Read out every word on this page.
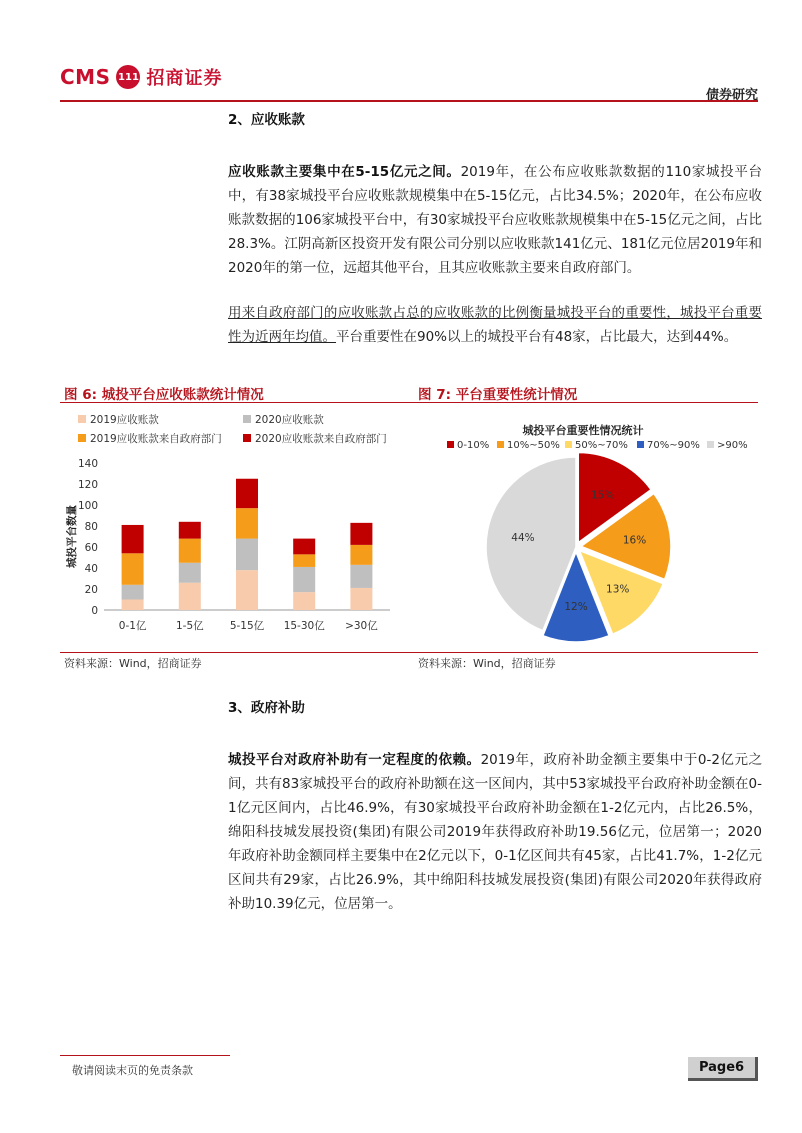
CMS 111 招商证券
债券研究
2、应收账款
应收账款主要集中在5-15亿元之间。2019年，在公布应收账款数据的110家城投平台中，有38家城投平台应收账款规模集中在5-15亿元，占比34.5%；2020年，在公布应收账款数据的106家城投平台中，有30家城投平台应收账款规模集中在5-15亿元之间，占比28.3%。江阴高新区投资开发有限公司分别以应收账款141亿元、181亿元位居2019年和2020年的第一位，远超其他平台，且其应收账款主要来自政府部门。
用来自政府部门的应收账款占总的应收账款的比例衡量城投平台的重要性，城投平台重要性为近两年均值。平台重要性在90%以上的城投平台有48家，占比最大，达到44%。
图 6: 城投平台应收账款统计情况	图 7: 平台重要性统计情况
2019应收账款	2020应收账款
2019应收账款来自政府部门	2020应收账款来自政府部门
0
20
40
60
80
100
120
140
城投平台数量
0-1亿	1-5亿 5-15亿 15-30亿 >30亿
城投平台重要性情况统计
0-10% 10%~50% 50%~70% 70%~90% >90%
15%
16%
13%
12%
44%
资料来源：Wind，招商证券	资料来源：Wind，招商证券
3、政府补助
城投平台对政府补助有一定程度的依赖。2019年，政府补助金额主要集中于0-2亿元之间，共有83家城投平台的政府补助额在这一区间内，其中53家城投平台政府补助金额在0-1亿元区间内，占比46.9%，有30家城投平台政府补助金额在1-2亿元内，占比26.5%，绵阳科技城发展投资(集团)有限公司2019年获得政府补助19.56亿元，位居第一；2020年政府补助金额同样主要集中在2亿元以下，0-1亿区间共有45家，占比41.7%，1-2亿元区间共有29家，占比26.9%，其中绵阳科技城发展投资(集团)有限公司2020年获得政府补助10.39亿元，位居第一。
敬请阅读末页的免责条款	Page6
